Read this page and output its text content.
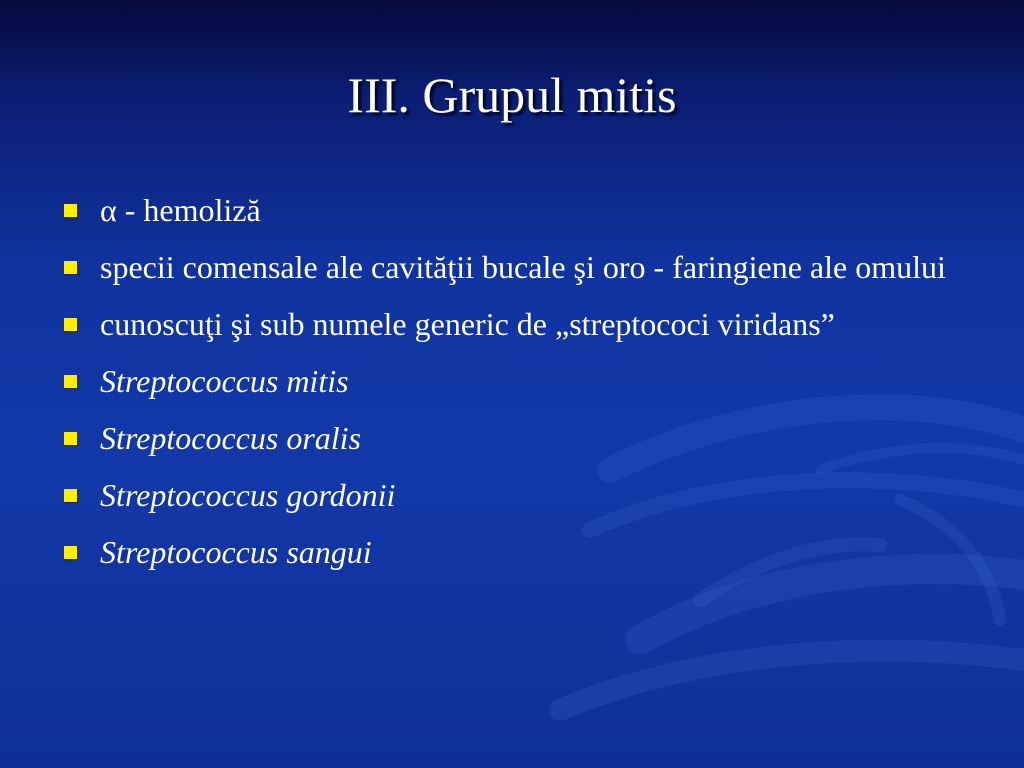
III. Grupul mitis
α - hemoliză
specii comensale ale cavităţii bucale şi oro - faringiene ale omului
cunoscuţi şi sub numele generic de „streptococi viridans”
Streptococcus mitis
Streptococcus oralis
Streptococcus gordonii
Streptococcus sangui
